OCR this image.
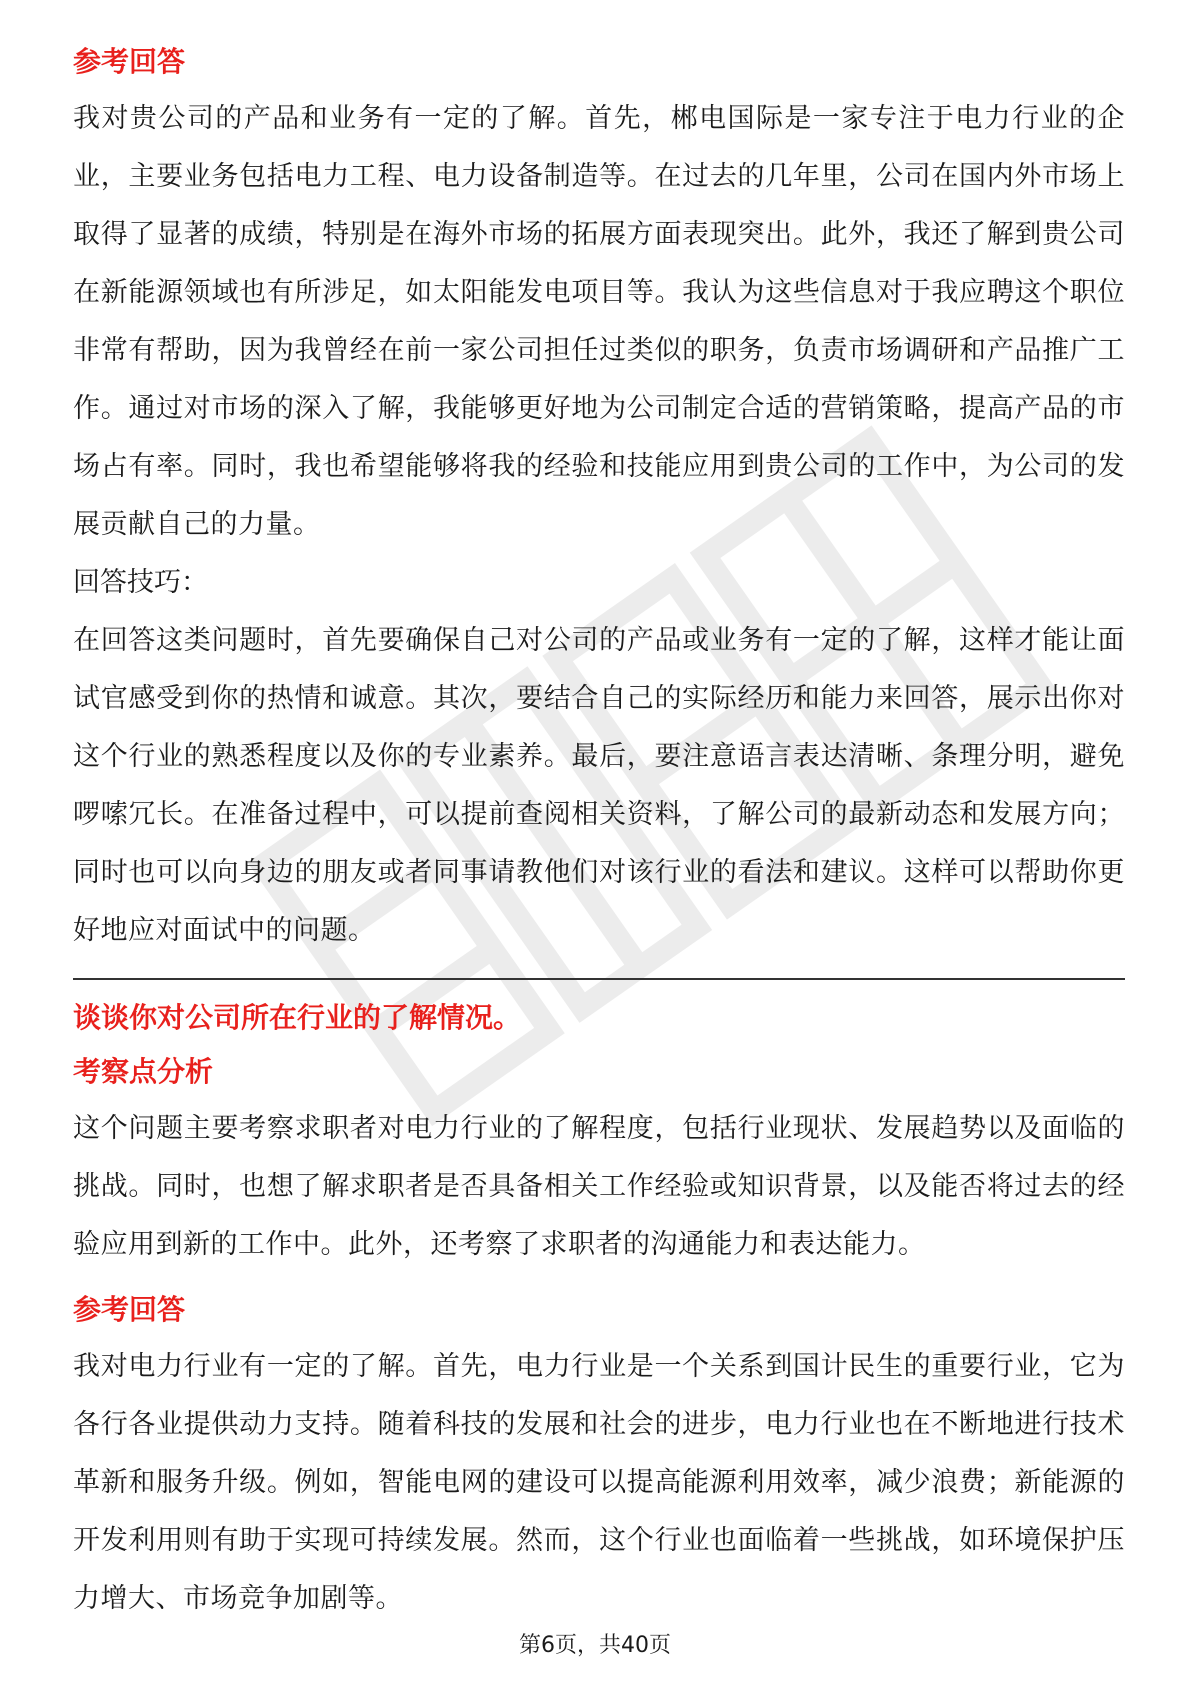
参考回答

我对贵公司的产品和业务有一定的了解。首先，郴电国际是一家专注于电力行业的企业，主要业务包括电力工程、电力设备制造等。在过去的几年里，公司在国内外市场上取得了显著的成绩，特别是在海外市场的拓展方面表现突出。此外，我还了解到贵公司在新能源领域也有所涉足，如太阳能发电项目等。我认为这些信息对于我应聘这个职位非常有帮助，因为我曾经在前一家公司担任过类似的职务，负责市场调研和产品推广工作。通过对市场的深入了解，我能够更好地为公司制定合适的营销策略，提高产品的市场占有率。同时，我也希望能够将我的经验和技能应用到贵公司的工作中，为公司的发展贡献自己的力量。

回答技巧：

在回答这类问题时，首先要确保自己对公司的产品或业务有一定的了解，这样才能让面试官感受到你的热情和诚意。其次，要结合自己的实际经历和能力来回答，展示出你对这个行业的熟悉程度以及你的专业素养。最后，要注意语言表达清晰、条理分明，避免啰嗦冗长。在准备过程中，可以提前查阅相关资料，了解公司的最新动态和发展方向；同时也可以向身边的朋友或者同事请教他们对该行业的看法和建议。这样可以帮助你更好地应对面试中的问题。

谈谈你对公司所在行业的了解情况。

考察点分析

这个问题主要考察求职者对电力行业的了解程度，包括行业现状、发展趋势以及面临的挑战。同时，也想了解求职者是否具备相关工作经验或知识背景，以及能否将过去的经验应用到新的工作中。此外，还考察了求职者的沟通能力和表达能力。

参考回答

我对电力行业有一定的了解。首先，电力行业是一个关系到国计民生的重要行业，它为各行各业提供动力支持。随着科技的发展和社会的进步，电力行业也在不断地进行技术革新和服务升级。例如，智能电网的建设可以提高能源利用效率，减少浪费；新能源的开发利用则有助于实现可持续发展。然而，这个行业也面临着一些挑战，如环境保护压力增大、市场竞争加剧等。

第6页，共40页
